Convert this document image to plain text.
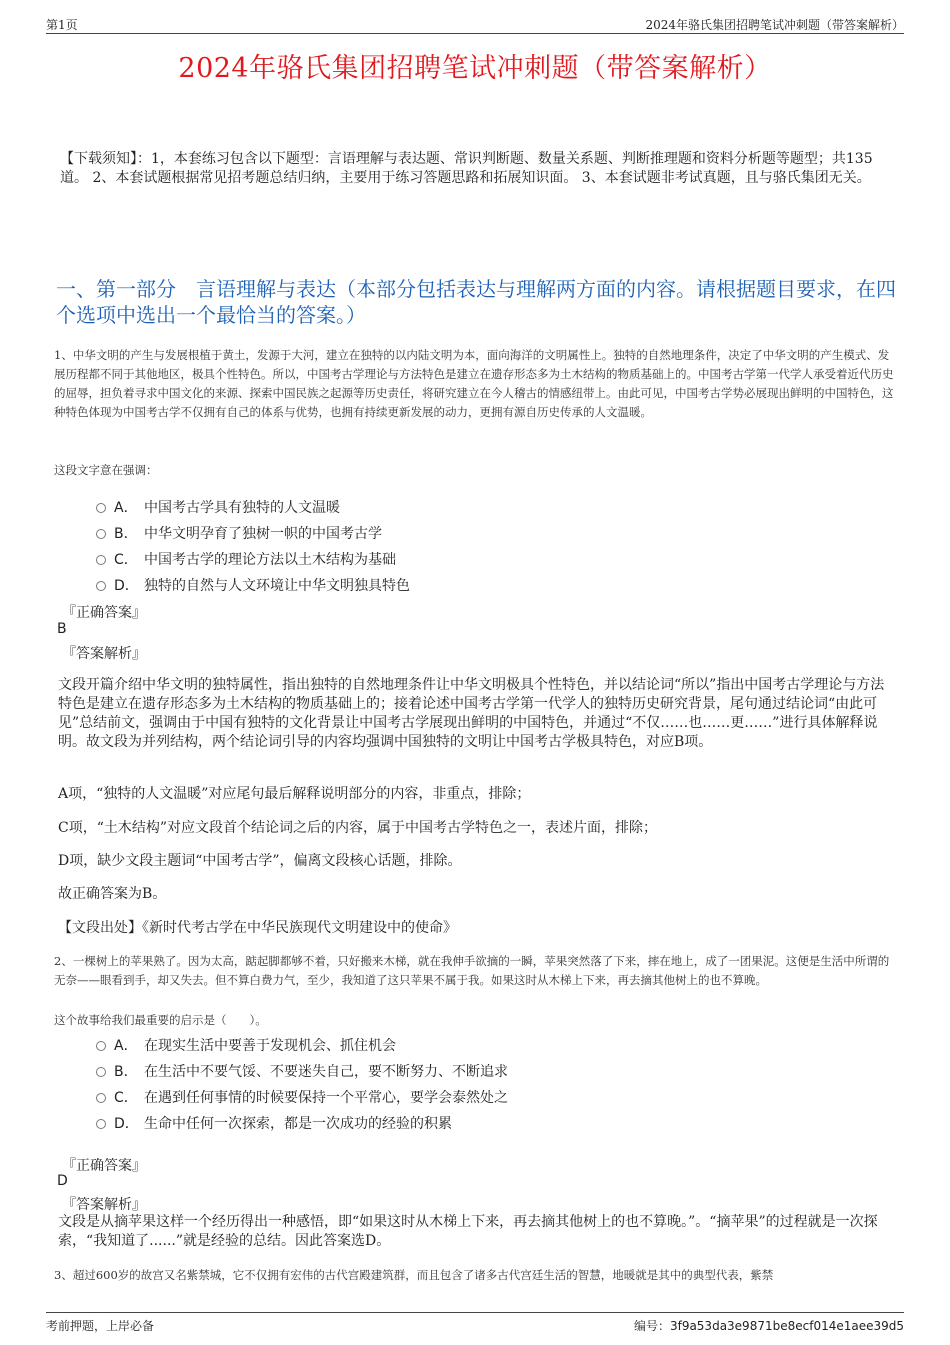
第1页	2024年骆氏集团招聘笔试冲刺题（带答案解析）
2024年骆氏集团招聘笔试冲刺题（带答案解析）
【下载须知】：1，本套练习包含以下题型：言语理解与表达题、常识判断题、数量关系题、判断推理题和资料分析题等题型；共135道。 2、本套试题根据常见招考题总结归纳，主要用于练习答题思路和拓展知识面。 3、本套试题非考试真题，且与骆氏集团无关。
一、第一部分　言语理解与表达（本部分包括表达与理解两方面的内容。请根据题目要求，在四个选项中选出一个最恰当的答案。）
1、中华文明的产生与发展根植于黄土，发源于大河，建立在独特的以内陆文明为本，面向海洋的文明属性上。独特的自然地理条件，决定了中华文明的产生模式、发展历程都不同于其他地区，极具个性特色。所以，中国考古学理论与方法特色是建立在遗存形态多为土木结构的物质基础上的。中国考古学第一代学人承受着近代历史的屈辱，担负着寻求中国文化的来源、探索中国民族之起源等历史责任，将研究建立在今人稽古的情感纽带上。由此可见，中国考古学势必展现出鲜明的中国特色，这种特色体现为中国考古学不仅拥有自己的体系与优势，也拥有持续更新发展的动力，更拥有源自历史传承的人文温暖。
这段文字意在强调：
A． 中国考古学具有独特的人文温暖
B． 中华文明孕育了独树一帜的中国考古学
C． 中国考古学的理论方法以土木结构为基础
D． 独特的自然与人文环境让中华文明独具特色
『正确答案』
B
『答案解析』
文段开篇介绍中华文明的独特属性，指出独特的自然地理条件让中华文明极具个性特色，并以结论词“所以”指出中国考古学理论与方法特色是建立在遗存形态多为土木结构的物质基础上的；接着论述中国考古学第一代学人的独特历史研究背景，尾句通过结论词“由此可见”总结前文，强调由于中国有独特的文化背景让中国考古学展现出鲜明的中国特色，并通过“不仅……也……更……”进行具体解释说明。故文段为并列结构，两个结论词引导的内容均强调中国独特的文明让中国考古学极具特色，对应B项。
A项，“独特的人文温暖”对应尾句最后解释说明部分的内容，非重点，排除；
C项，“土木结构”对应文段首个结论词之后的内容，属于中国考古学特色之一，表述片面，排除；
D项，缺少文段主题词“中国考古学”，偏离文段核心话题，排除。
故正确答案为B。
【文段出处】《新时代考古学在中华民族现代文明建设中的使命》
2、一棵树上的苹果熟了。因为太高，踮起脚都够不着，只好搬来木梯，就在我伸手欲摘的一瞬，苹果突然落了下来，摔在地上，成了一团果泥。这便是生活中所谓的无奈——眼看到手，却又失去。但不算白费力气，至少，我知道了这只苹果不属于我。如果这时从木梯上下来，再去摘其他树上的也不算晚。
这个故事给我们最重要的启示是（　　）。
A． 在现实生活中要善于发现机会、抓住机会
B． 在生活中不要气馁、不要迷失自己，要不断努力、不断追求
C． 在遇到任何事情的时候要保持一个平常心，要学会泰然处之
D． 生命中任何一次探索，都是一次成功的经验的积累
『正确答案』
D
『答案解析』
文段是从摘苹果这样一个经历得出一种感悟，即“如果这时从木梯上下来，再去摘其他树上的也不算晚。”。“摘苹果”的过程就是一次探索，“我知道了......”就是经验的总结。因此答案选D。
3、超过600岁的故宫又名紫禁城，它不仅拥有宏伟的古代宫殿建筑群，而且包含了诸多古代宫廷生活的智慧，地暖就是其中的典型代表，紫禁
考前押题，上岸必备	编号：3f9a53da3e9871be8ecf014e1aee39d5
